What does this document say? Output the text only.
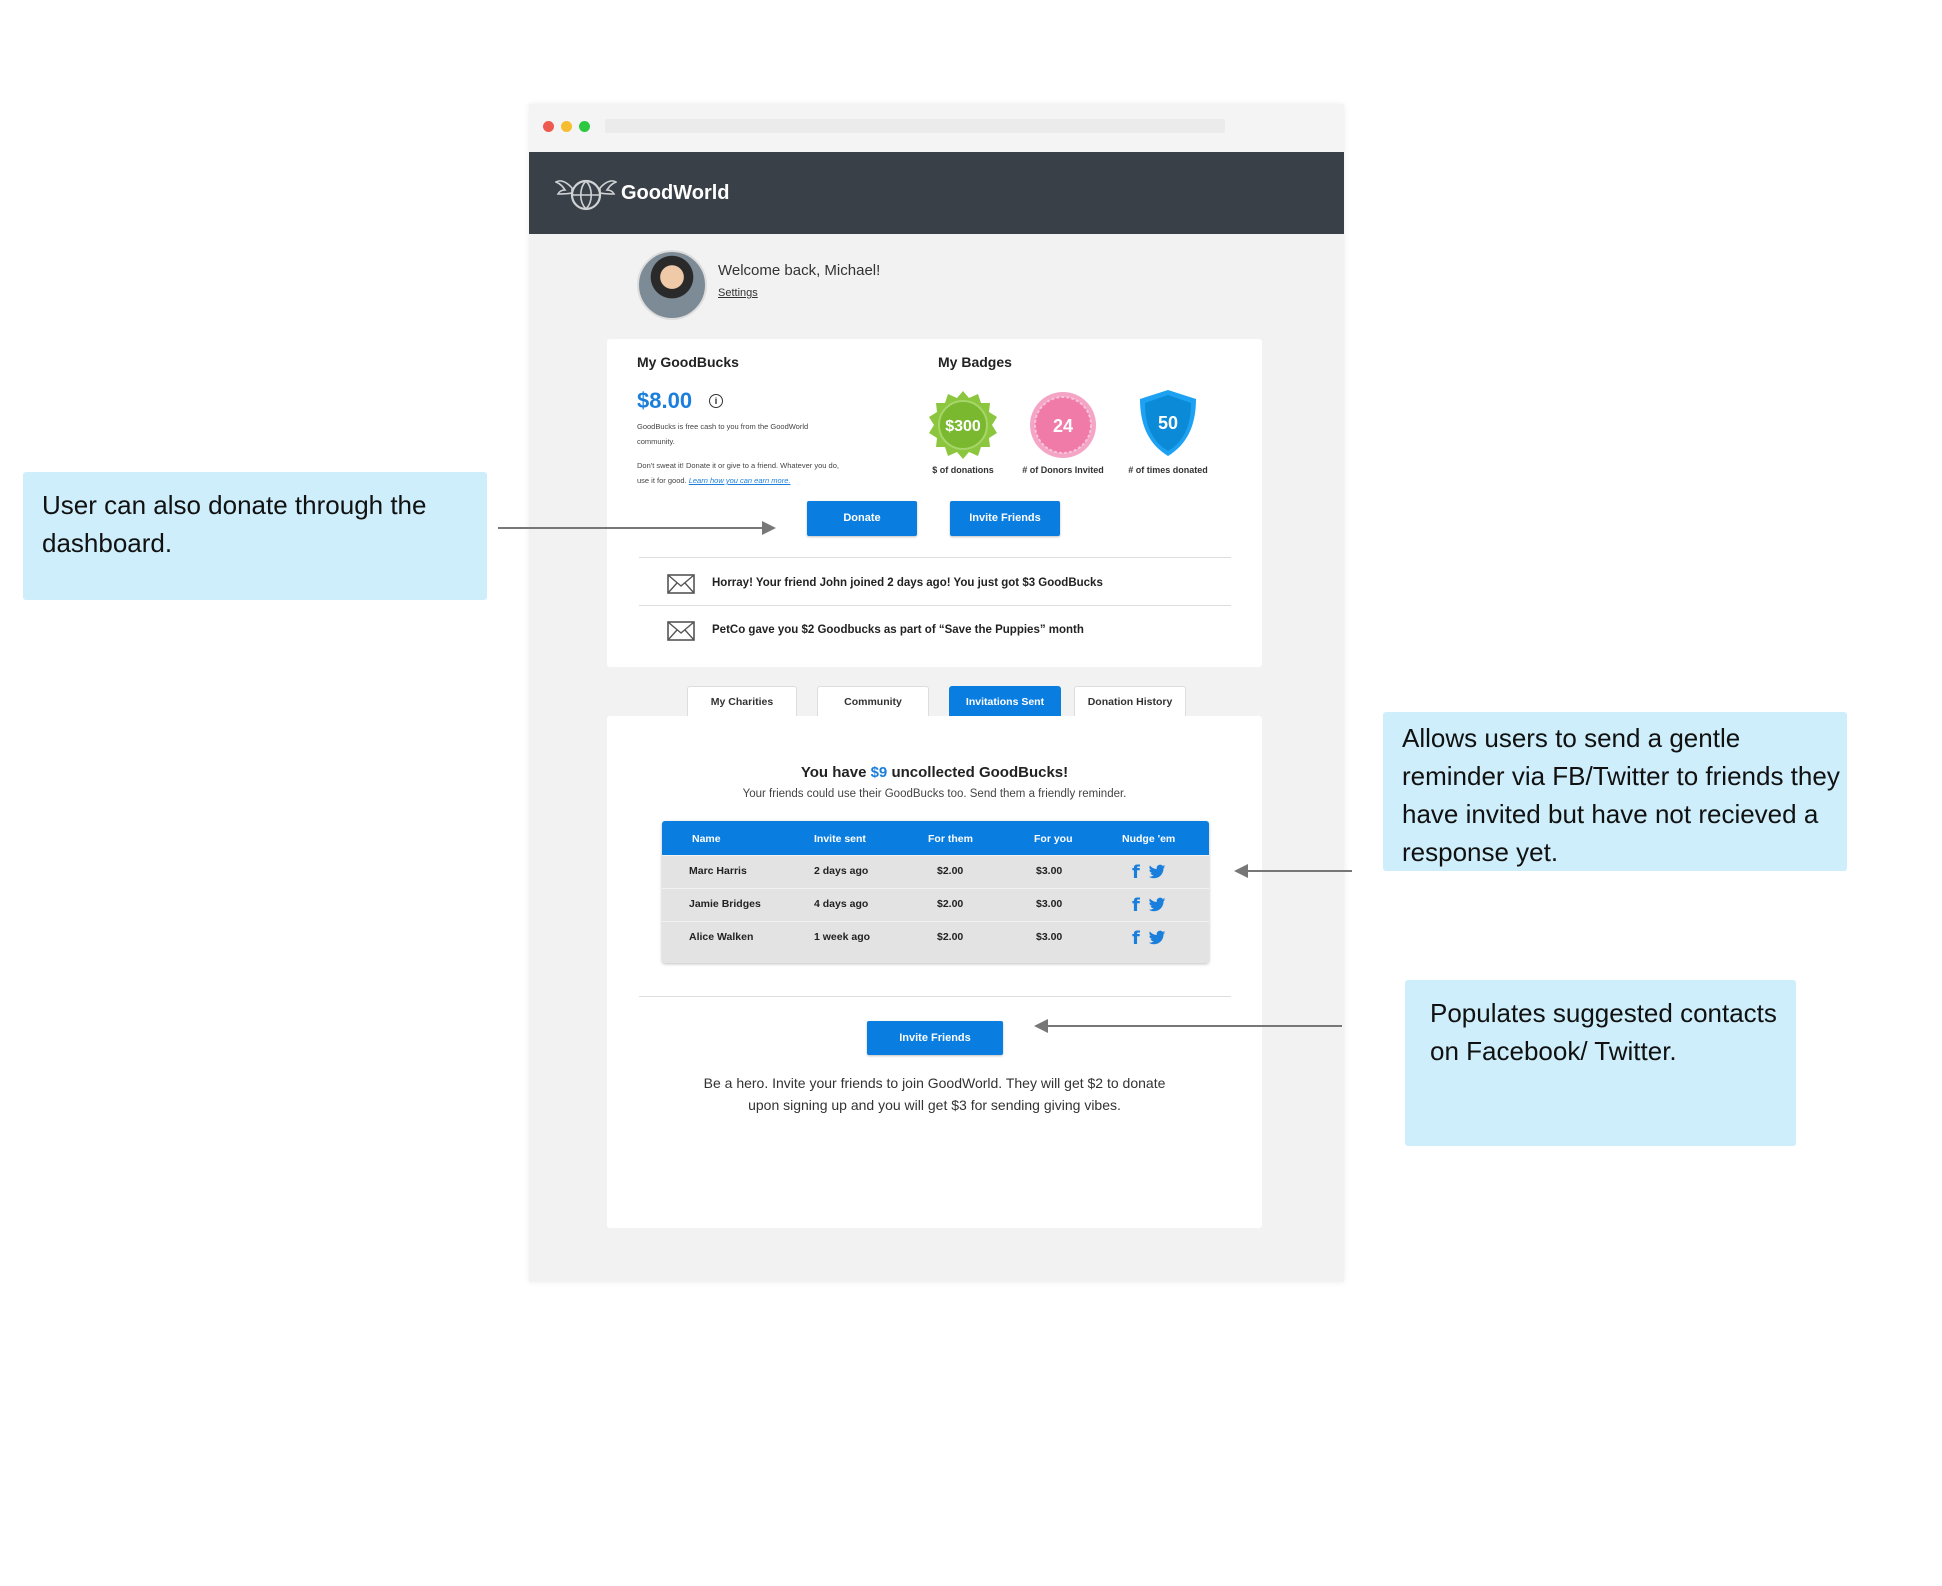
GoodWorld
Welcome back, Michael!
Settings
My GoodBucks
$8.00	i
GoodBucks is free cash to you from the GoodWorld
community.
Don't sweat it! Donate it or give to a friend. Whatever you do,
use it for good. Learn how you can earn more.
My Badges
$300
$ of donations
24
# of Donors Invited
50
# of times donated
Donate	Invite Friends
Horray! Your friend John joined 2 days ago! You just got $3 GoodBucks
PetCo gave you $2 Goodbucks as part of “Save the Puppies” month
My Charities	Community	Invitations Sent	Donation History
You have $9 uncollected GoodBucks!
Your friends could use their GoodBucks too. Send them a friendly reminder.
Name	Invite sent	For them	For you	Nudge 'em
Marc Harris	2 days ago	$2.00	$3.00	f
Jamie Bridges	4 days ago	$2.00	$3.00	f
Alice Walken	1 week ago	$2.00	$3.00	f
Invite Friends
Be a hero. Invite your friends to join GoodWorld. They will get $2 to donate
upon signing up and you will get $3 for sending giving vibes.
User can also donate through the dashboard.
Allows users to send a gentle reminder via FB/Twitter to friends they have invited but have not recieved a response yet.
Populates suggested contacts on Facebook/ Twitter.
